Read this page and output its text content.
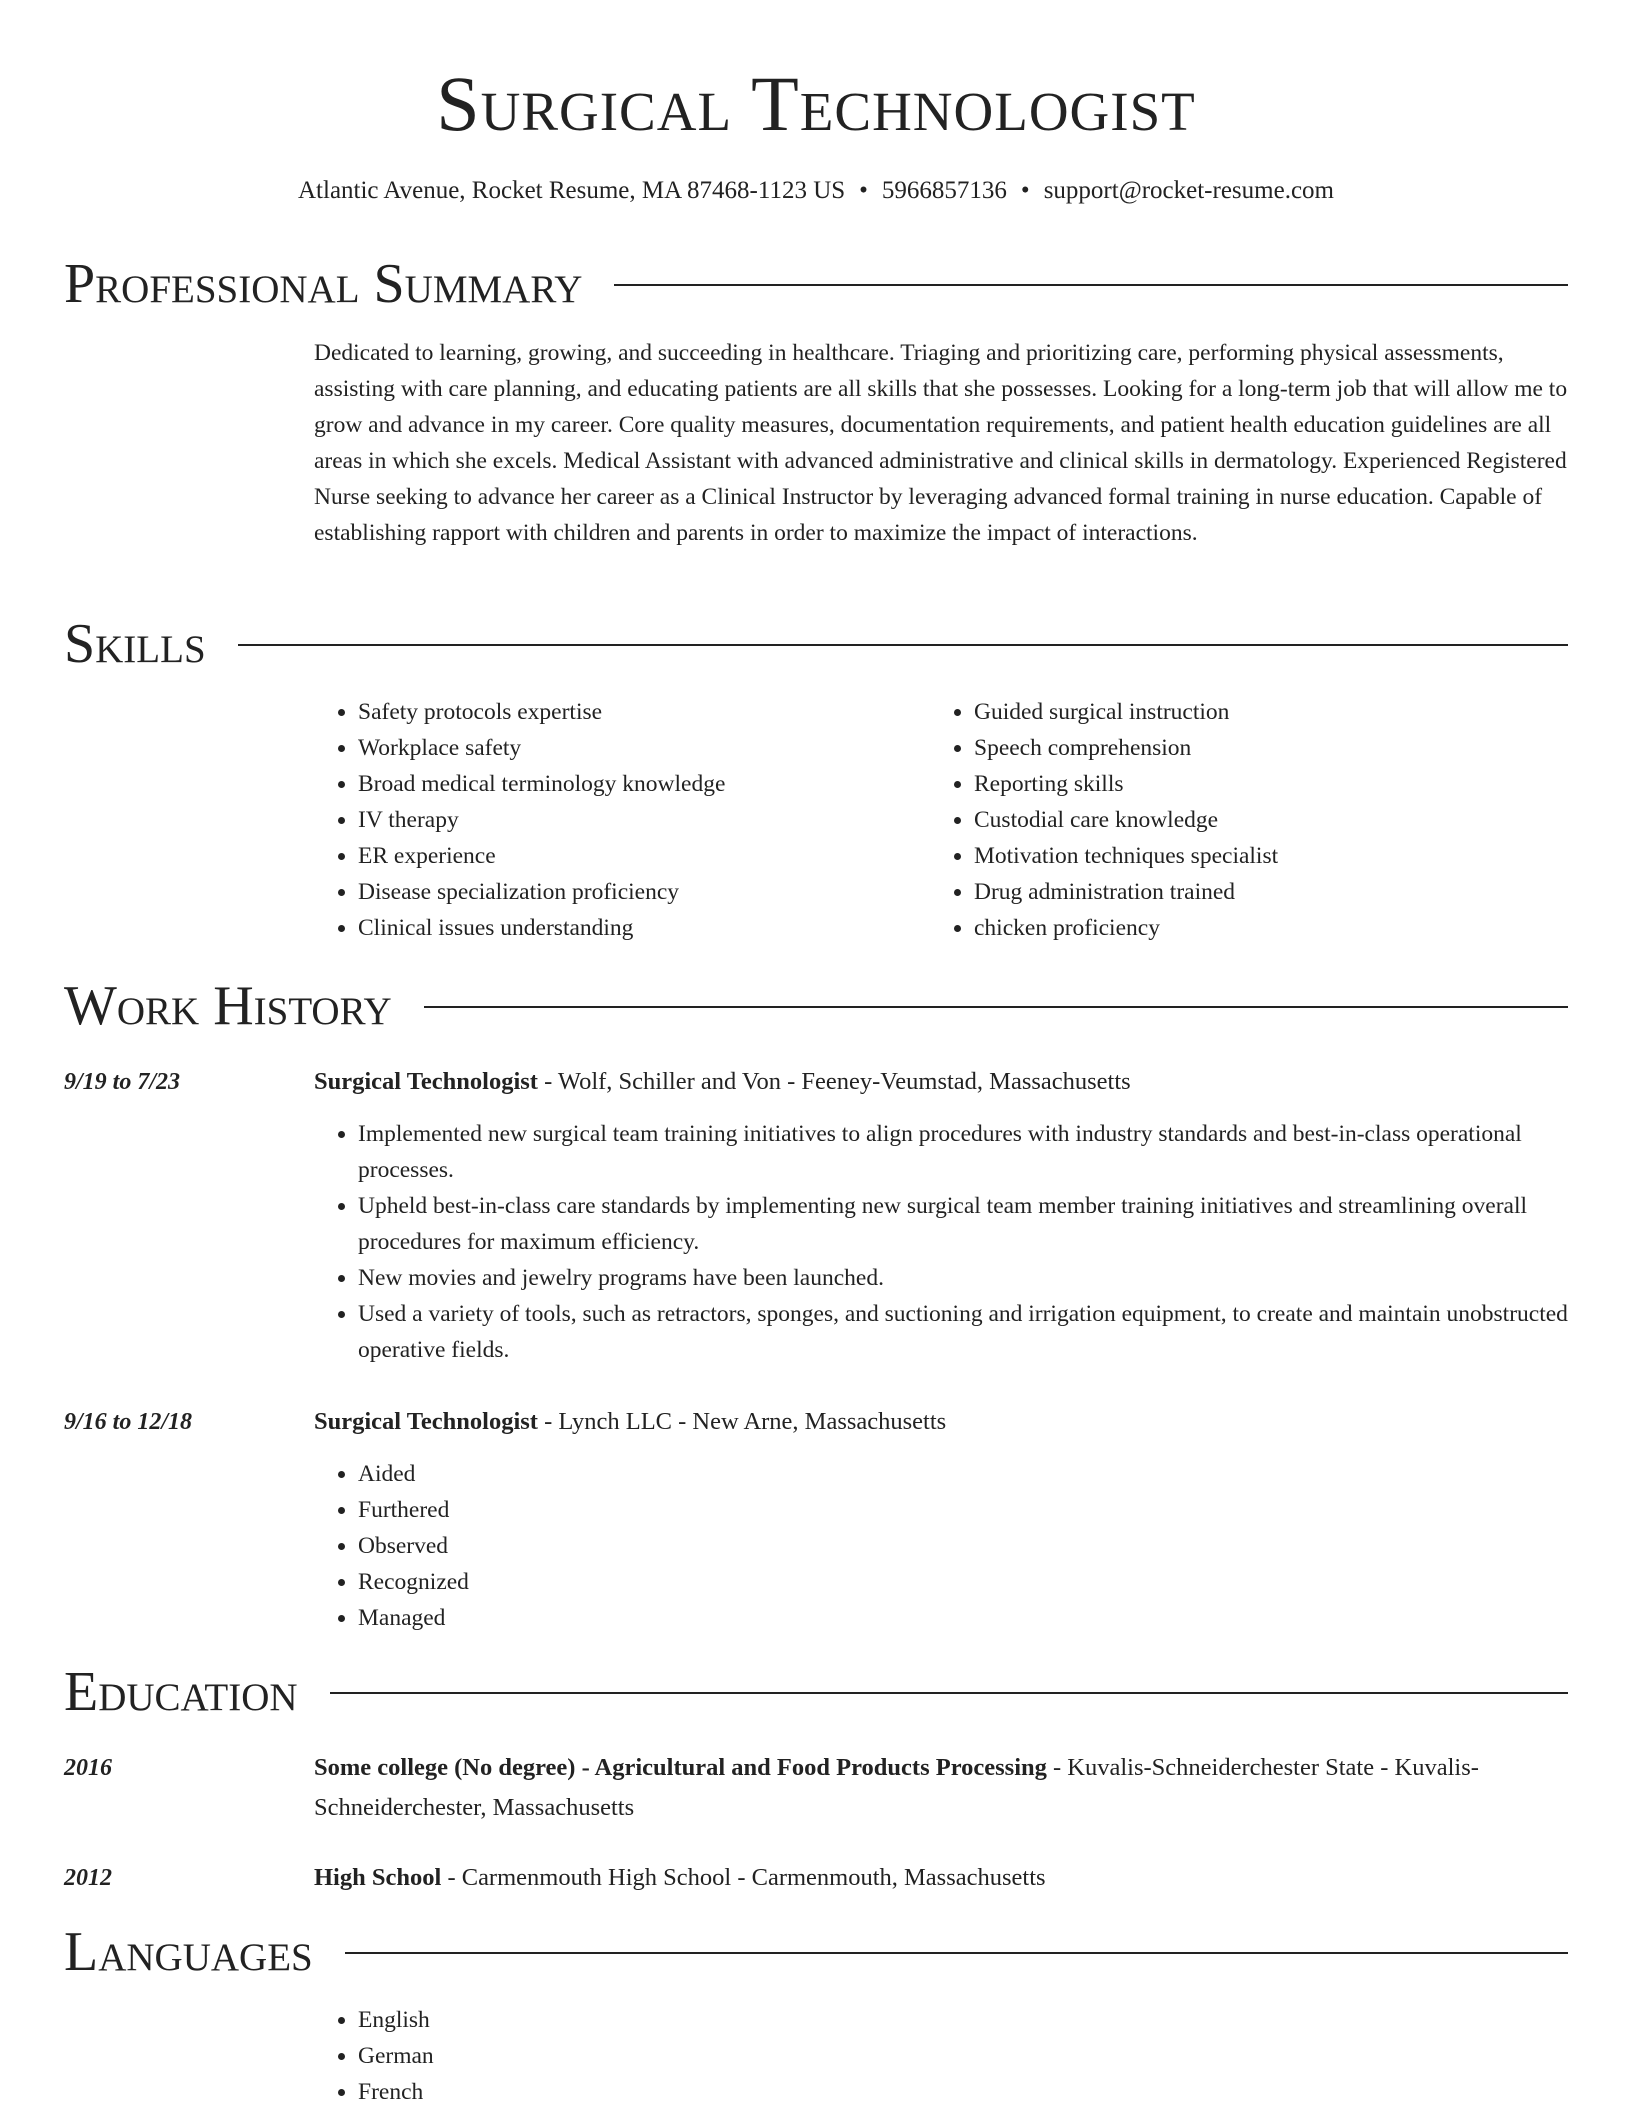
Surgical Technologist
Atlantic Avenue, Rocket Resume, MA 87468-1123 US • 5966857136 • support@rocket-resume.com
Professional Summary

Dedicated to learning, growing, and succeeding in healthcare. Triaging and prioritizing care, performing physical assessments, assisting with care planning, and educating patients are all skills that she possesses. Looking for a long-term job that will allow me to grow and advance in my career. Core quality measures, documentation requirements, and patient health education guidelines are all areas in which she excels. Medical Assistant with advanced administrative and clinical skills in dermatology. Experienced Registered Nurse seeking to advance her career as a Clinical Instructor by leveraging advanced formal training in nurse education. Capable of establishing rapport with children and parents in order to maximize the impact of interactions.

Skills
• Safety protocols expertise
• Workplace safety
• Broad medical terminology knowledge
• IV therapy
• ER experience
• Disease specialization proficiency
• Clinical issues understanding
• Guided surgical instruction
• Speech comprehension
• Reporting skills
• Custodial care knowledge
• Motivation techniques specialist
• Drug administration trained
• chicken proficiency
Work History
9/19 to 7/23	Surgical Technologist - Wolf, Schiller and Von - Feeney-Veumstad, Massachusetts

• Implemented new surgical team training initiatives to align procedures with industry standards and best-in-class operational processes.
• Upheld best-in-class care standards by implementing new surgical team member training initiatives and streamlining overall procedures for maximum efficiency.
• New movies and jewelry programs have been launched.
• Used a variety of tools, such as retractors, sponges, and suctioning and irrigation equipment, to create and maintain unobstructed operative fields.
9/16 to 12/18	Surgical Technologist - Lynch LLC - New Arne, Massachusetts

• Aided
• Furthered
• Observed
• Recognized
• Managed
Education
2016	Some college (No degree) - Agricultural and Food Products Processing - Kuvalis-Schneiderchester State - Kuvalis-Schneiderchester, Massachusetts

2012	High School - Carmenmouth High School - Carmenmouth, Massachusetts

Languages
• English
• German
• French
